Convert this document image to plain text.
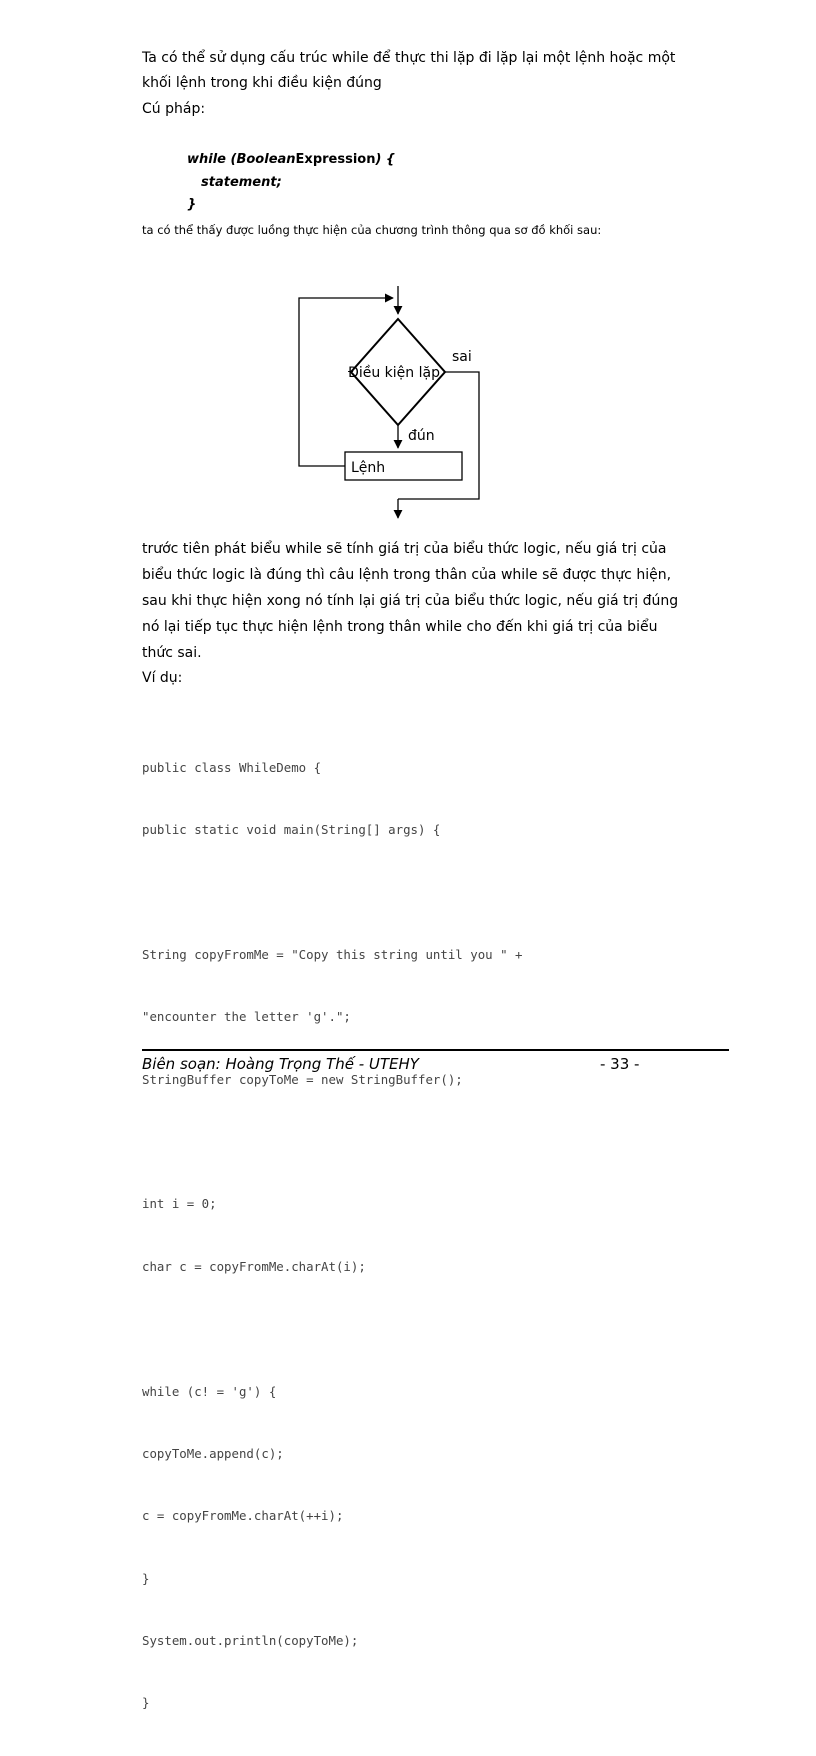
Ta có thể sử dụng cấu trúc while để thực thi lặp đi lặp lại một lệnh hoặc một
khối lệnh trong khi điều kiện đúng
Cú pháp:
while (BooleanExpression) {
statement;
}
ta có thể thấy được luồng thực hiện của chương trình thông qua sơ đồ khối sau:
Điều kiện lặp
sai
đún
Lệnh
trước tiên phát biểu while sẽ tính giá trị của biểu thức logic, nếu giá trị của
biểu thức logic là đúng thì câu lệnh trong thân của while sẽ được thực hiện,
sau khi thực hiện xong nó tính lại giá trị của biểu thức logic, nếu giá trị đúng
nó lại tiếp tục thực hiện lệnh trong thân while cho đến khi giá trị của biểu
thức sai.
Ví dụ:

public class WhileDemo {

public static void main(String[] args) {

String copyFromMe = "Copy this string until you " +

"encounter the letter 'g'.";

StringBuffer copyToMe = new StringBuffer();

int i = 0;

char c = copyFromMe.charAt(i);

while (c! = 'g') {

copyToMe.append(c);

c = copyFromMe.charAt(++i);

}

System.out.println(copyToMe);

}

Biên soạn: Hoàng Trọng Thế - UTEHY	- 33 -
